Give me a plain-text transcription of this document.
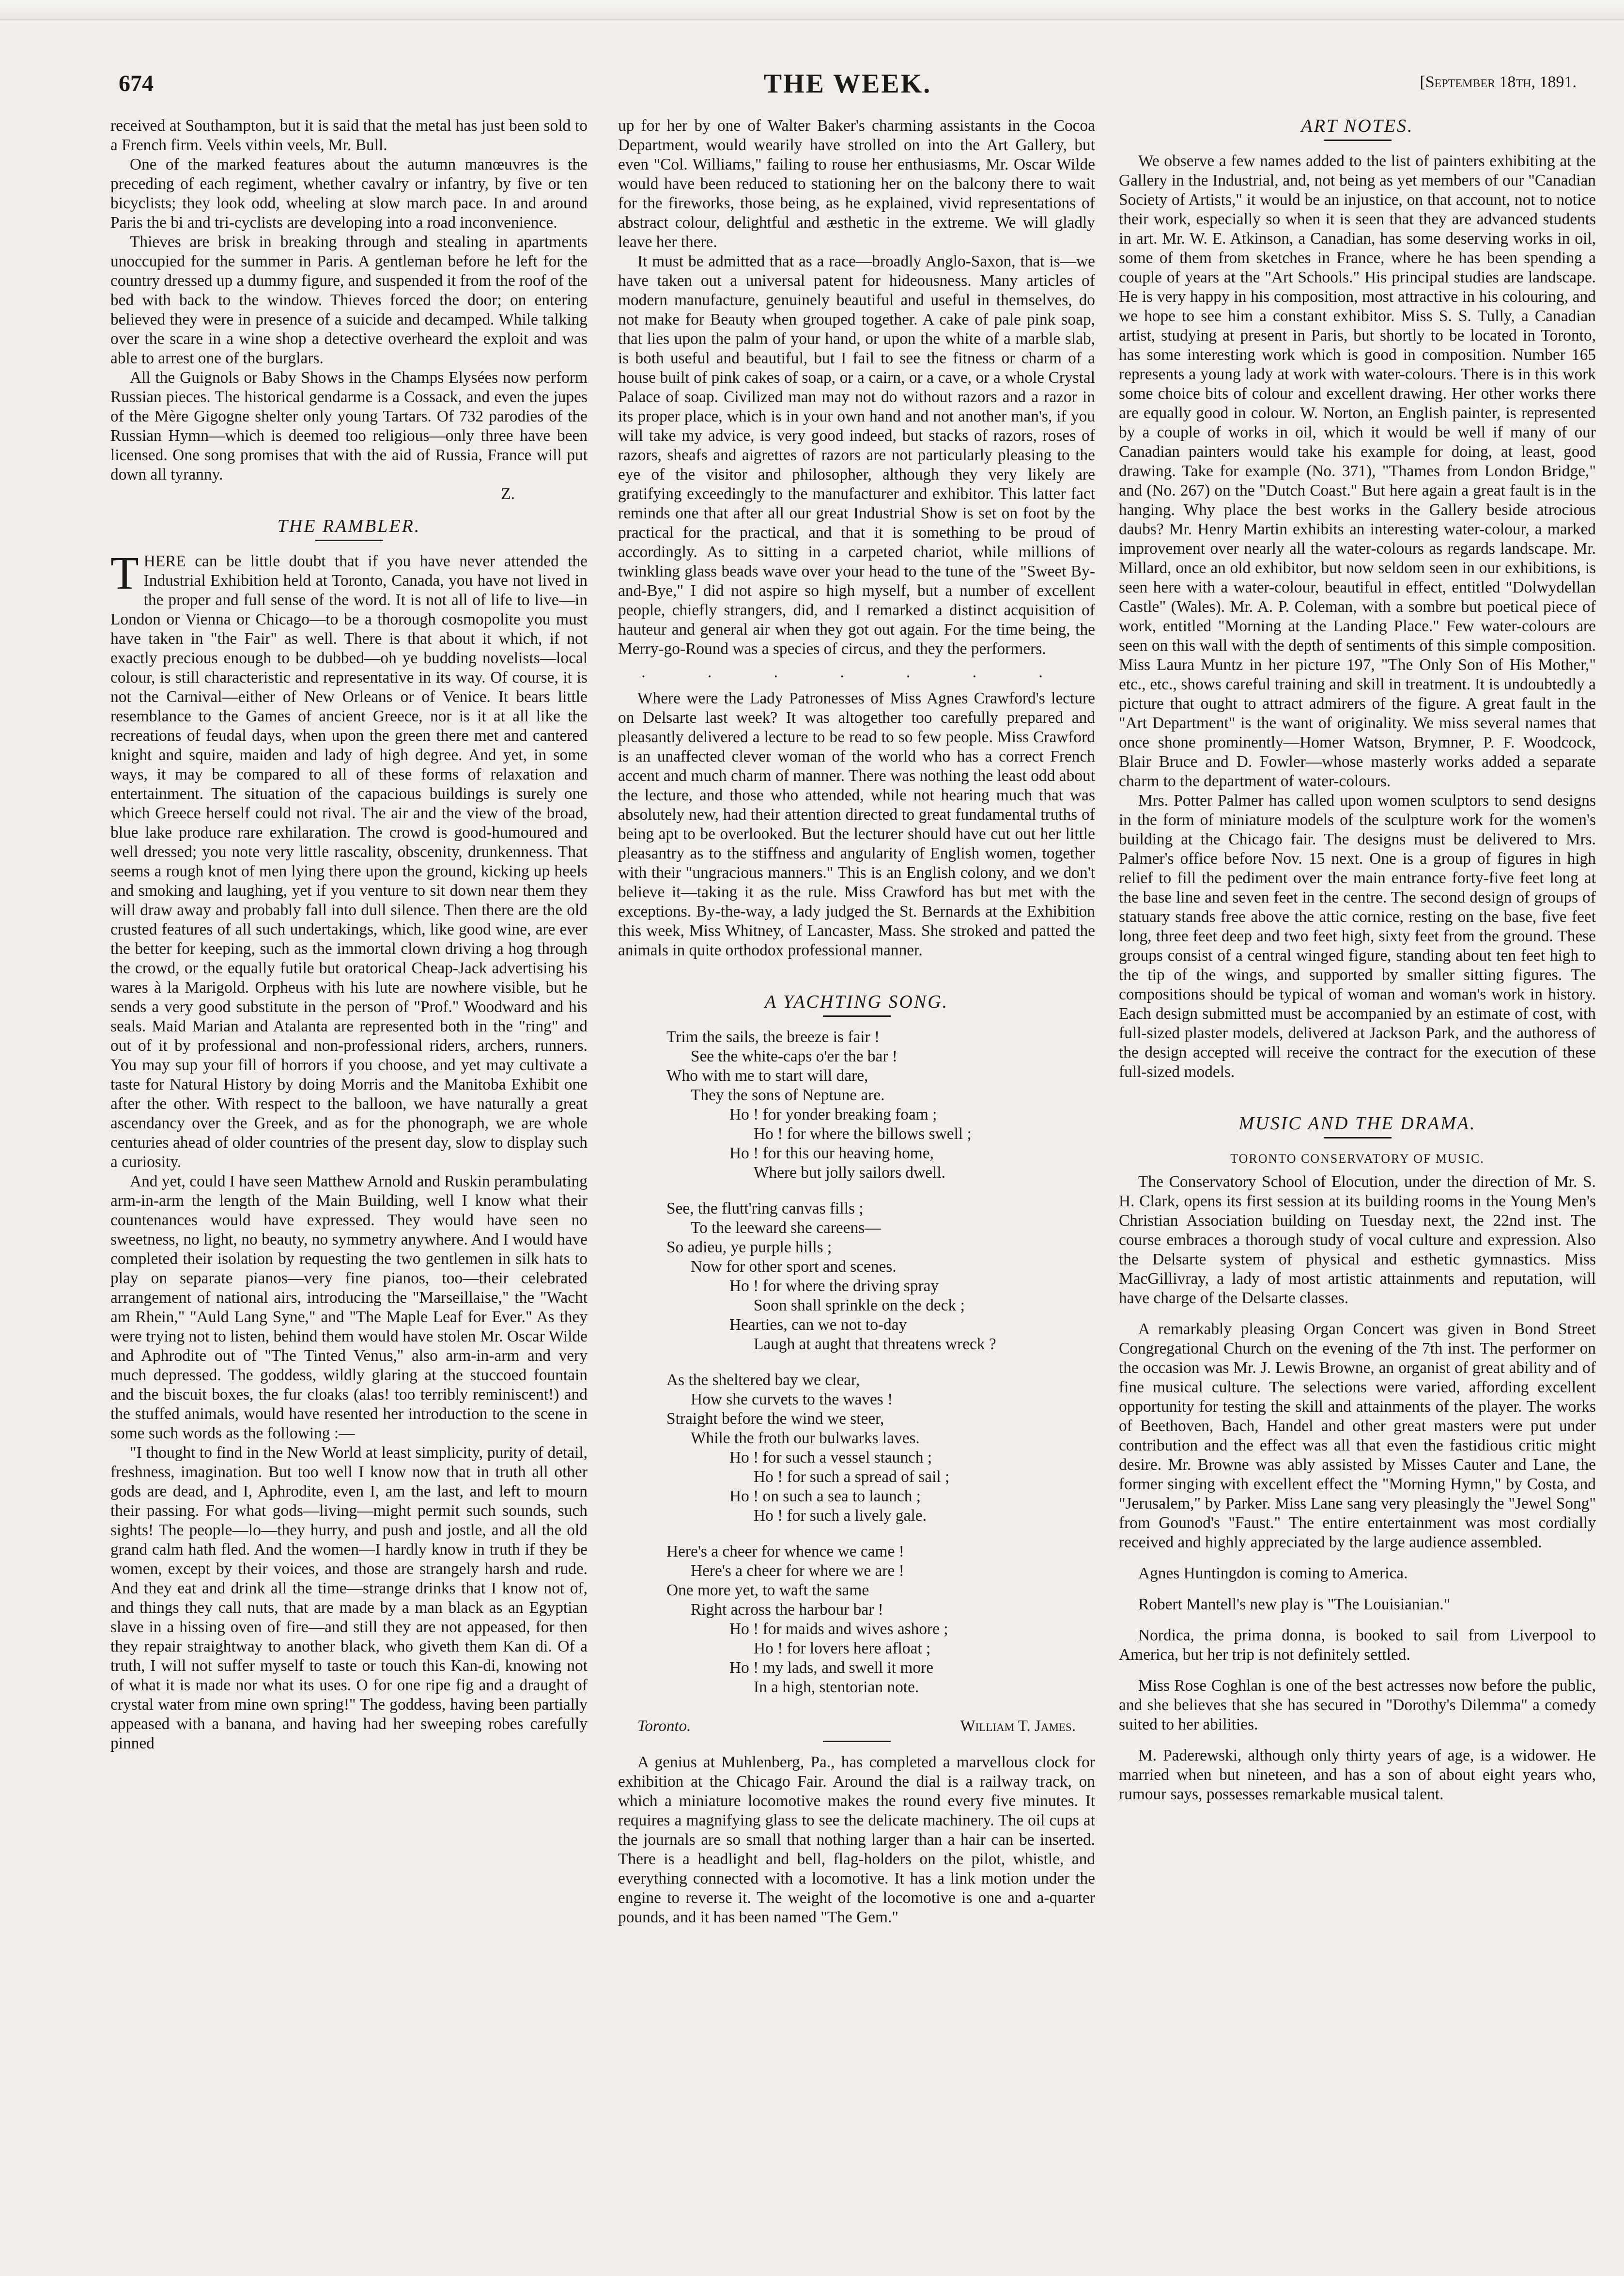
674	THE WEEK.	[September 18th, 1891.

received at Southampton, but it is said that the metal has just been sold to a French firm. Veels vithin veels, Mr. Bull.

One of the marked features about the autumn manœuvres is the preceding of each regiment, whether cavalry or infantry, by five or ten bicyclists; they look odd, wheeling at slow march pace. In and around Paris the bi and tri-cyclists are developing into a road inconvenience.

Thieves are brisk in breaking through and stealing in apartments unoccupied for the summer in Paris. A gentleman before he left for the country dressed up a dummy figure, and suspended it from the roof of the bed with back to the window. Thieves forced the door; on entering believed they were in presence of a suicide and decamped. While talking over the scare in a wine shop a detective overheard the exploit and was able to arrest one of the burglars.

All the Guignols or Baby Shows in the Champs Elysées now perform Russian pieces. The historical gendarme is a Cossack, and even the jupes of the Mère Gigogne shelter only young Tartars. Of 732 parodies of the Russian Hymn—which is deemed too religious—only three have been licensed. One song promises that with the aid of Russia, France will put down all tyranny.

Z.
THE RAMBLER.

THERE can be little doubt that if you have never attended the Industrial Exhibition held at Toronto, Canada, you have not lived in the proper and full sense of the word. It is not all of life to live—in London or Vienna or Chicago—to be a thorough cosmopolite you must have taken in "the Fair" as well. There is that about it which, if not exactly precious enough to be dubbed—oh ye budding novelists—local colour, is still characteristic and representative in its way. Of course, it is not the Carnival—either of New Orleans or of Venice. It bears little resemblance to the Games of ancient Greece, nor is it at all like the recreations of feudal days, when upon the green there met and cantered knight and squire, maiden and lady of high degree. And yet, in some ways, it may be compared to all of these forms of relaxation and entertainment. The situation of the capacious buildings is surely one which Greece herself could not rival. The air and the view of the broad, blue lake produce rare exhilaration. The crowd is good-humoured and well dressed; you note very little rascality, obscenity, drunkenness. That seems a rough knot of men lying there upon the ground, kicking up heels and smoking and laughing, yet if you venture to sit down near them they will draw away and probably fall into dull silence. Then there are the old crusted features of all such undertakings, which, like good wine, are ever the better for keeping, such as the immortal clown driving a hog through the crowd, or the equally futile but oratorical Cheap-Jack advertising his wares à la Marigold. Orpheus with his lute are nowhere visible, but he sends a very good substitute in the person of "Prof." Woodward and his seals. Maid Marian and Atalanta are represented both in the "ring" and out of it by professional and non-professional riders, archers, runners. You may sup your fill of horrors if you choose, and yet may cultivate a taste for Natural History by doing Morris and the Manitoba Exhibit one after the other. With respect to the balloon, we have naturally a great ascendancy over the Greek, and as for the phonograph, we are whole centuries ahead of older countries of the present day, slow to display such a curiosity.

And yet, could I have seen Matthew Arnold and Ruskin perambulating arm-in-arm the length of the Main Building, well I know what their countenances would have expressed. They would have seen no sweetness, no light, no beauty, no symmetry anywhere. And I would have completed their isolation by requesting the two gentlemen in silk hats to play on separate pianos—very fine pianos, too—their celebrated arrangement of national airs, introducing the "Marseillaise," the "Wacht am Rhein," "Auld Lang Syne," and "The Maple Leaf for Ever." As they were trying not to listen, behind them would have stolen Mr. Oscar Wilde and Aphrodite out of "The Tinted Venus," also arm-in-arm and very much depressed. The goddess, wildly glaring at the stuccoed fountain and the biscuit boxes, the fur cloaks (alas! too terribly reminiscent!) and the stuffed animals, would have resented her introduction to the scene in some such words as the following :—

"I thought to find in the New World at least simplicity, purity of detail, freshness, imagination. But too well I know now that in truth all other gods are dead, and I, Aphrodite, even I, am the last, and left to mourn their passing. For what gods—living—might permit such sounds, such sights! The people—lo—they hurry, and push and jostle, and all the old grand calm hath fled. And the women—I hardly know in truth if they be women, except by their voices, and those are strangely harsh and rude. And they eat and drink all the time—strange drinks that I know not of, and things they call nuts, that are made by a man black as an Egyptian slave in a hissing oven of fire—and still they are not appeased, for then they repair straightway to another black, who giveth them Kan di. Of a truth, I will not suffer myself to taste or touch this Kan-di, knowing not of what it is made nor what its uses. O for one ripe fig and a draught of crystal water from mine own spring!" The goddess, having been partially appeased with a banana, and having had her sweeping robes carefully pinned

up for her by one of Walter Baker's charming assistants in the Cocoa Department, would wearily have strolled on into the Art Gallery, but even "Col. Williams," failing to rouse her enthusiasms, Mr. Oscar Wilde would have been reduced to stationing her on the balcony there to wait for the fireworks, those being, as he explained, vivid representations of abstract colour, delightful and æsthetic in the extreme. We will gladly leave her there.

It must be admitted that as a race—broadly Anglo-Saxon, that is—we have taken out a universal patent for hideousness. Many articles of modern manufacture, genuinely beautiful and useful in themselves, do not make for Beauty when grouped together. A cake of pale pink soap, that lies upon the palm of your hand, or upon the white of a marble slab, is both useful and beautiful, but I fail to see the fitness or charm of a house built of pink cakes of soap, or a cairn, or a cave, or a whole Crystal Palace of soap. Civilized man may not do without razors and a razor in its proper place, which is in your own hand and not another man's, if you will take my advice, is very good indeed, but stacks of razors, roses of razors, sheafs and aigrettes of razors are not particularly pleasing to the eye of the visitor and philosopher, although they very likely are gratifying exceedingly to the manufacturer and exhibitor. This latter fact reminds one that after all our great Industrial Show is set on foot by the practical for the practical, and that it is something to be proud of accordingly. As to sitting in a carpeted chariot, while millions of twinkling glass beads wave over your head to the tune of the "Sweet By-and-Bye," I did not aspire so high myself, but a number of excellent people, chiefly strangers, did, and I remarked a distinct acquisition of hauteur and general air when they got out again. For the time being, the Merry-go-Round was a species of circus, and they the performers.

. . . . . . .

Where were the Lady Patronesses of Miss Agnes Crawford's lecture on Delsarte last week? It was altogether too carefully prepared and pleasantly delivered a lecture to be read to so few people. Miss Crawford is an unaffected clever woman of the world who has a correct French accent and much charm of manner. There was nothing the least odd about the lecture, and those who attended, while not hearing much that was absolutely new, had their attention directed to great fundamental truths of being apt to be overlooked. But the lecturer should have cut out her little pleasantry as to the stiffness and angularity of English women, together with their "ungracious manners." This is an English colony, and we don't believe it—taking it as the rule. Miss Crawford has but met with the exceptions. By-the-way, a lady judged the St. Bernards at the Exhibition this week, Miss Whitney, of Lancaster, Mass. She stroked and patted the animals in quite orthodox professional manner.

A YACHTING SONG.
Trim the sails, the breeze is fair !
See the white-caps o'er the bar !
Who with me to start will dare,
They the sons of Neptune are.
Ho ! for yonder breaking foam ;
Ho ! for where the billows swell ;
Ho ! for this our heaving home,
Where but jolly sailors dwell.
See, the flutt'ring canvas fills ;
To the leeward she careens—
So adieu, ye purple hills ;
Now for other sport and scenes.
Ho ! for where the driving spray
Soon shall sprinkle on the deck ;
Hearties, can we not to-day
Laugh at aught that threatens wreck ?
As the sheltered bay we clear,
How she curvets to the waves !
Straight before the wind we steer,
While the froth our bulwarks laves.
Ho ! for such a vessel staunch ;
Ho ! for such a spread of sail ;
Ho ! on such a sea to launch ;
Ho ! for such a lively gale.
Here's a cheer for whence we came !
Here's a cheer for where we are !
One more yet, to waft the same
Right across the harbour bar !
Ho ! for maids and wives ashore ;
Ho ! for lovers here afloat ;
Ho ! my lads, and swell it more
In a high, stentorian note.
Toronto.	William T. James.

A genius at Muhlenberg, Pa., has completed a marvellous clock for exhibition at the Chicago Fair. Around the dial is a railway track, on which a miniature locomotive makes the round every five minutes. It requires a magnifying glass to see the delicate machinery. The oil cups at the journals are so small that nothing larger than a hair can be inserted. There is a headlight and bell, flag-holders on the pilot, whistle, and everything connected with a locomotive. It has a link motion under the engine to reverse it. The weight of the locomotive is one and a-quarter pounds, and it has been named "The Gem."

ART NOTES.

We observe a few names added to the list of painters exhibiting at the Gallery in the Industrial, and, not being as yet members of our "Canadian Society of Artists," it would be an injustice, on that account, not to notice their work, especially so when it is seen that they are advanced students in art. Mr. W. E. Atkinson, a Canadian, has some deserving works in oil, some of them from sketches in France, where he has been spending a couple of years at the "Art Schools." His principal studies are landscape. He is very happy in his composition, most attractive in his colouring, and we hope to see him a constant exhibitor. Miss S. S. Tully, a Canadian artist, studying at present in Paris, but shortly to be located in Toronto, has some interesting work which is good in composition. Number 165 represents a young lady at work with water-colours. There is in this work some choice bits of colour and excellent drawing. Her other works there are equally good in colour. W. Norton, an English painter, is represented by a couple of works in oil, which it would be well if many of our Canadian painters would take his example for doing, at least, good drawing. Take for example (No. 371), "Thames from London Bridge," and (No. 267) on the "Dutch Coast." But here again a great fault is in the hanging. Why place the best works in the Gallery beside atrocious daubs? Mr. Henry Martin exhibits an interesting water-colour, a marked improvement over nearly all the water-colours as regards landscape. Mr. Millard, once an old exhibitor, but now seldom seen in our exhibitions, is seen here with a water-colour, beautiful in effect, entitled "Dolwydellan Castle" (Wales). Mr. A. P. Coleman, with a sombre but poetical piece of work, entitled "Morning at the Landing Place." Few water-colours are seen on this wall with the depth of sentiments of this simple composition. Miss Laura Muntz in her picture 197, "The Only Son of His Mother," etc., etc., shows careful training and skill in treatment. It is undoubtedly a picture that ought to attract admirers of the figure. A great fault in the "Art Department" is the want of originality. We miss several names that once shone prominently—Homer Watson, Brymner, P. F. Woodcock, Blair Bruce and D. Fowler—whose masterly works added a separate charm to the department of water-colours.

Mrs. Potter Palmer has called upon women sculptors to send designs in the form of miniature models of the sculpture work for the women's building at the Chicago fair. The designs must be delivered to Mrs. Palmer's office before Nov. 15 next. One is a group of figures in high relief to fill the pediment over the main entrance forty-five feet long at the base line and seven feet in the centre. The second design of groups of statuary stands free above the attic cornice, resting on the base, five feet long, three feet deep and two feet high, sixty feet from the ground. These groups consist of a central winged figure, standing about ten feet high to the tip of the wings, and supported by smaller sitting figures. The compositions should be typical of woman and woman's work in history. Each design submitted must be accompanied by an estimate of cost, with full-sized plaster models, delivered at Jackson Park, and the authoress of the design accepted will receive the contract for the execution of these full-sized models.

MUSIC AND THE DRAMA.
TORONTO CONSERVATORY OF MUSIC.

The Conservatory School of Elocution, under the direction of Mr. S. H. Clark, opens its first session at its building rooms in the Young Men's Christian Association building on Tuesday next, the 22nd inst. The course embraces a thorough study of vocal culture and expression. Also the Delsarte system of physical and esthetic gymnastics. Miss MacGillivray, a lady of most artistic attainments and reputation, will have charge of the Delsarte classes.

A remarkably pleasing Organ Concert was given in Bond Street Congregational Church on the evening of the 7th inst. The performer on the occasion was Mr. J. Lewis Browne, an organist of great ability and of fine musical culture. The selections were varied, affording excellent opportunity for testing the skill and attainments of the player. The works of Beethoven, Bach, Handel and other great masters were put under contribution and the effect was all that even the fastidious critic might desire. Mr. Browne was ably assisted by Misses Cauter and Lane, the former singing with excellent effect the "Morning Hymn," by Costa, and "Jerusalem," by Parker. Miss Lane sang very pleasingly the "Jewel Song" from Gounod's "Faust." The entire entertainment was most cordially received and highly appreciated by the large audience assembled.

Agnes Huntingdon is coming to America.

Robert Mantell's new play is "The Louisianian."

Nordica, the prima donna, is booked to sail from Liverpool to America, but her trip is not definitely settled.

Miss Rose Coghlan is one of the best actresses now before the public, and she believes that she has secured in "Dorothy's Dilemma" a comedy suited to her abilities.

M. Paderewski, although only thirty years of age, is a widower. He married when but nineteen, and has a son of about eight years who, rumour says, possesses remarkable musical talent.
